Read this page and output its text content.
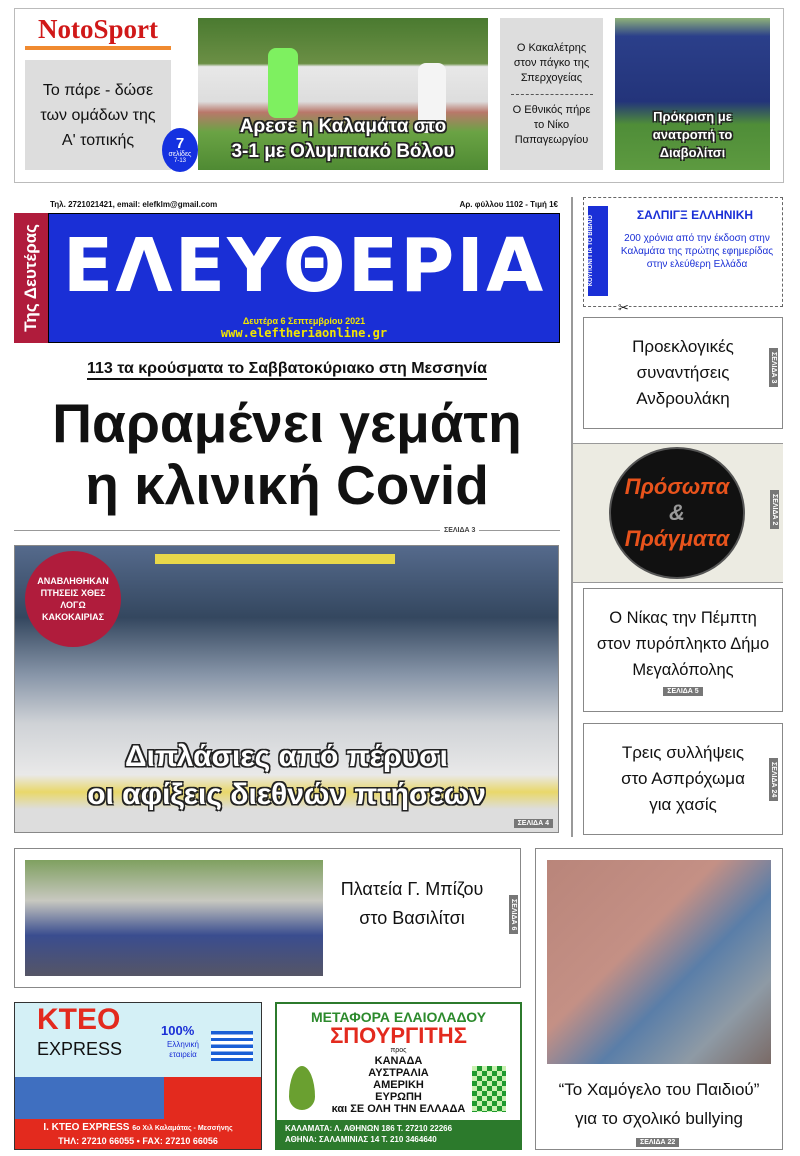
NotoSport
Το πάρε - δώσε των ομάδων της Α' τοπικής
Αρεσε η Καλαμάτα στο
3-1 με Ολυμπιακό Βόλου
7
σελίδες
7-13
Ο Κακαλέτρης στον πάγκο της Σπερχογείας
Ο Εθνικός πήρε το Νίκο Παπαγεωργίου
Πρόκριση με ανατροπή το Διαβολίτσι
Τηλ. 2721021421, email: elefklm@gmail.com	Αρ. φύλλου 1102 - Τιμή 1€
Της Δευτέρας ΕΛΕΥΘΕΡΙΑ
Δευτέρα 6 Σεπτεμβρίου 2021
www.eleftheriaonline.gr
ΚΟΥΠΟΝΙ ΓΙΑ ΤΟ ΒΙΒΛΙΟ
ΣΑΛΠΙΓΞ ΕΛΛΗΝΙΚΗ
200 χρόνια από την έκδοση στην Καλαμάτα της πρώτης εφημερίδας στην ελεύθερη Ελλάδα
✂
113 τα κρούσματα το Σαββατοκύριακο στη Μεσσηνία
Παραμένει γεμάτη
η κλινική Covid
ΣΕΛΙΔΑ 3
ΑΝΑΒΛΗΘΗΚΑΝ ΠΤΗΣΕΙΣ ΧΘΕΣ ΛΟΓΩ ΚΑΚΟΚΑΙΡΙΑΣ
Διπλάσιες από πέρυσι
οι αφίξεις διεθνών πτήσεων
ΣΕΛΙΔΑ 4
Προεκλογικές συναντήσεις Ανδρουλάκη
ΣΕΛΙΔΑ 3
Πρόσωπα
&
Πράγματα
ΣΕΛΙΔΑ 2
Ο Νίκας την Πέμπτη στον πυρόπληκτο Δήμο Μεγαλόπολης
ΣΕΛΙΔΑ 5
Τρεις συλλήψεις στο Ασπρόχωμα για χασίς
ΣΕΛΙΔΑ 24
Πλατεία Γ. Μπίζου στο Βασιλίτσι	ΣΕΛΙΔΑ 6
“Το Χαμόγελο του Παιδιού”
για το σχολικό bullying
ΣΕΛΙΔΑ 22
ΚΤΕΟ
EXPRESS
100%
Ελληνική εταιρεία
Ι. ΚΤΕΟ EXPRESS 6ο Χιλ Καλαμάτας - Μεσσήνης
ΤΗΛ: 27210 66055 • FAX: 27210 66056
ΜΕΤΑΦΟΡΑ ΕΛΑΙΟΛΑΔΟΥ
ΣΠΟΥΡΓΙΤΗΣ
προς
ΚΑΝΑΔΑ
ΑΥΣΤΡΑΛΙΑ
ΑΜΕΡΙΚΗ
ΕΥΡΩΠΗ
και ΣΕ ΟΛΗ ΤΗΝ ΕΛΛΑΔΑ
ΚΑΛΑΜΑΤΑ: Λ. ΑΘΗΝΩΝ 186 Τ. 27210 22266
ΑΘΗΝΑ: ΣΑΛΑΜΙΝΙΑΣ 14 Τ. 210 3464640
